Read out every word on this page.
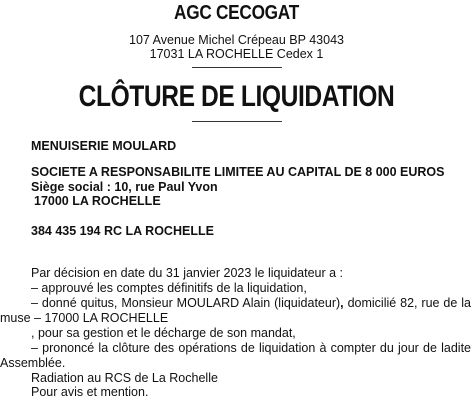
AGC CECOGAT
107 Avenue Michel Crépeau BP 43043
17031 LA ROCHELLE Cedex 1
CLÔTURE DE LIQUIDATION
MENUISERIE MOULARD
SOCIETE A RESPONSABILITE LIMITEE AU CAPITAL DE 8 000 EUROS
Siège social : 10, rue Paul Yvon
17000 LA ROCHELLE
384 435 194 RC LA ROCHELLE
Par décision en date du 31 janvier 2023 le liquidateur a :
– approuvé les comptes définitifs de la liquidation,
– donné quitus, Monsieur MOULARD Alain (liquidateur), domicilié 82, rue de la
muse – 17000 LA ROCHELLE
, pour sa gestion et le décharge de son mandat,
– prononcé la clôture des opérations de liquidation à compter du jour de ladite
Assemblée.
Radiation au RCS de La Rochelle
Pour avis et mention.
